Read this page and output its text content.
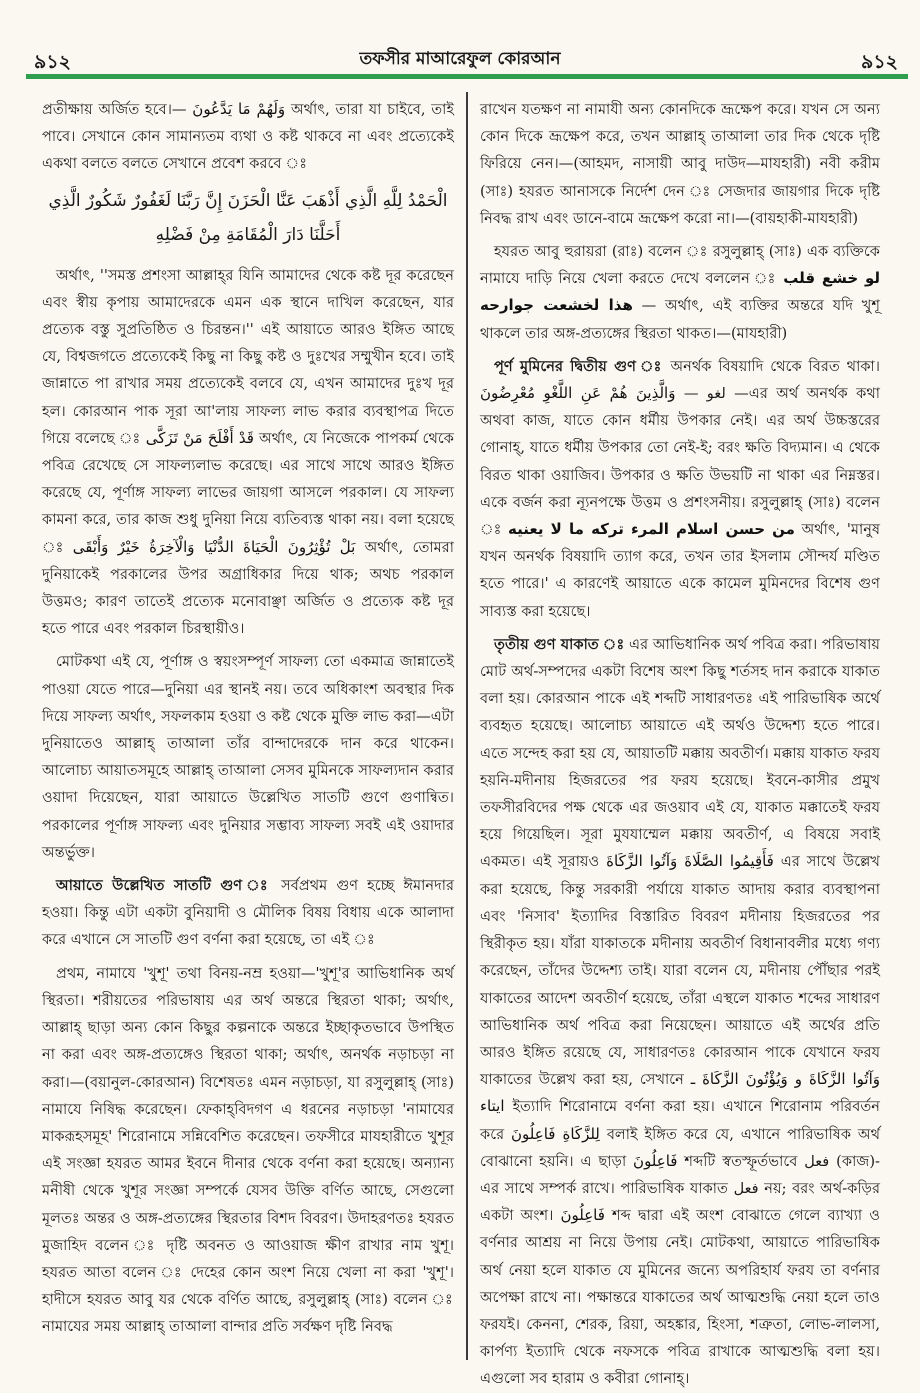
৯১২	তফসীর মাআরেফুল কোরআন	৯১২

প্রতীক্ষায় অর্জিত হবে।— وَلَهُمْ مَا يَدَّعُونَ অর্থাৎ, তারা যা চাইবে, তাই পাবে। সেখানে কোন সামান্যতম ব্যথা ও কষ্ট থাকবে না এবং প্রত্যেকেই একথা বলতে বলতে সেখানে প্রবেশ করবে ঃ

الْحَمْدُ لِلَّهِ الَّذِي أَذْهَبَ عَنَّا الْحَزَنَ إِنَّ رَبَّنَا لَغَفُورٌ شَكُورٌ الَّذِي
أَحَلَّنَا دَارَ الْمُقَامَةِ مِنْ فَضْلِهِ

অর্থাৎ, ''সমস্ত প্রশংসা আল্লাহ্‌র যিনি আমাদের থেকে কষ্ট দূর করেছেন এবং স্বীয় কৃপায় আমাদেরকে এমন এক স্থানে দাখিল করেছেন, যার প্রত্যেক বস্তু সুপ্রতিষ্ঠিত ও চিরন্তন।'' এই আয়াতে আরও ইঙ্গিত আছে যে, বিশ্বজগতে প্রত্যেকেই কিছু না কিছু কষ্ট ও দুঃখের সম্মুখীন হবে। তাই জান্নাতে পা রাখার সময় প্রত্যেকেই বলবে যে, এখন আমাদের দুঃখ দূর হল। কোরআন পাক সূরা আ'লায় সাফল্য লাভ করার ব্যবস্থাপত্র দিতে গিয়ে বলেছে ঃ قَدْ أَفْلَحَ مَنْ تَزَكَّى অর্থাৎ, যে নিজেকে পাপকর্ম থেকে পবিত্র রেখেছে সে সাফল্যলাভ করেছে। এর সাথে সাথে আরও ইঙ্গিত করেছে যে, পূর্ণাঙ্গ সাফল্য লাভের জায়গা আসলে পরকাল। যে সাফল্য কামনা করে, তার কাজ শুধু দুনিয়া নিয়ে ব্যতিব্যস্ত থাকা নয়। বলা হয়েছে ঃ بَلْ تُؤْثِرُونَ الْحَيَاةَ الدُّنْيَا وَالْآخِرَةُ خَيْرٌ وَأَبْقَى অর্থাৎ, তোমরা দুনিয়াকেই পরকালের উপর অগ্রাধিকার দিয়ে থাক; অথচ পরকাল উত্তমও; কারণ তাতেই প্রত্যেক মনোবাঞ্ছা অর্জিত ও প্রত্যেক কষ্ট দূর হতে পারে এবং পরকাল চিরস্থায়ীও।

মোটকথা এই যে, পূর্ণাঙ্গ ও স্বয়ংসম্পূর্ণ সাফল্য তো একমাত্র জান্নাতেই পাওয়া যেতে পারে—দুনিয়া এর স্থানই নয়। তবে অধিকাংশ অবস্থার দিক দিয়ে সাফল্য অর্থাৎ, সফলকাম হওয়া ও কষ্ট থেকে মুক্তি লাভ করা—এটা দুনিয়াতেও আল্লাহ্‌ তাআলা তাঁর বান্দাদেরকে দান করে থাকেন। আলোচ্য আয়াতসমূহে আল্লাহ্‌ তাআলা সেসব মুমিনকে সাফল্যদান করার ওয়াদা দিয়েছেন, যারা আয়াতে উল্লেখিত সাতটি গুণে গুণান্বিত। পরকালের পূর্ণাঙ্গ সাফল্য এবং দুনিয়ার সম্ভাব্য সাফল্য সবই এই ওয়াদার অন্তর্ভুক্ত।

আয়াতে উল্লেখিত সাতটি গুণ ঃ সর্বপ্রথম গুণ হচ্ছে ঈমানদার হওয়া। কিন্তু এটা একটা বুনিয়াদী ও মৌলিক বিষয় বিধায় একে আলাদা করে এখানে সে সাতটি গুণ বর্ণনা করা হয়েছে, তা এই ঃ

প্রথম, নামাযে 'খুশূ' তথা বিনয়-নম্র হওয়া—'খুশূ'র আভিধানিক অর্থ স্থিরতা। শরীয়তের পরিভাষায় এর অর্থ অন্তরে স্থিরতা থাকা; অর্থাৎ, আল্লাহ্‌ ছাড়া অন্য কোন কিছুর কল্পনাকে অন্তরে ইচ্ছাকৃতভাবে উপস্থিত না করা এবং অঙ্গ-প্রত্যঙ্গেও স্থিরতা থাকা; অর্থাৎ, অনর্থক নড়াচড়া না করা।—(বয়ানুল-কোরআন) বিশেষতঃ এমন নড়াচড়া, যা রসুলুল্লাহ্‌ (সাঃ) নামাযে নিষিদ্ধ করেছেন। ফেকাহ্‌বিদগণ এ ধরনের নড়াচড়া 'নামাযের মাকরূহসমূহ' শিরোনামে সন্নিবেশিত করেছেন। তফসীরে মাযহারীতে খুশূর এই সংজ্ঞা হযরত আমর ইবনে দীনার থেকে বর্ণনা করা হয়েছে। অন্যান্য মনীষী থেকে খুশূর সংজ্ঞা সম্পর্কে যেসব উক্তি বর্ণিত আছে, সেগুলো মূলতঃ অন্তর ও অঙ্গ-প্রত্যঙ্গের স্থিরতার বিশদ বিবরণ। উদাহরণতঃ হযরত মুজাহিদ বলেন ঃ দৃষ্টি অবনত ও আওয়াজ ক্ষীণ রাখার নাম খুশূ। হযরত আতা বলেন ঃ দেহের কোন অংশ নিয়ে খেলা না করা 'খুশূ'। হাদীসে হযরত আবু যর থেকে বর্ণিত আছে, রসুলুল্লাহ্‌ (সাঃ) বলেন ঃ নামাযের সময় আল্লাহ্‌ তাআলা বান্দার প্রতি সর্বক্ষণ দৃষ্টি নিবদ্ধ

রাখেন যতক্ষণ না নামাযী অন্য কোনদিকে ভ্রূক্ষেপ করে। যখন সে অন্য কোন দিকে ভ্রূক্ষেপ করে, তখন আল্লাহ্‌ তাআলা তার দিক থেকে দৃষ্টি ফিরিয়ে নেন।—(আহমদ, নাসায়ী আবু দাউদ—মাযহারী) নবী করীম (সাঃ) হযরত আনাসকে নির্দেশ দেন ঃ সেজদার জায়গার দিকে দৃষ্টি নিবদ্ধ রাখ এবং ডানে-বামে ভ্রূক্ষেপ করো না।—(বায়হাকী-মাযহারী)

হযরত আবু হুরায়রা (রাঃ) বলেন ঃ রসুলুল্লাহ্‌ (সাঃ) এক ব্যক্তিকে নামাযে দাড়ি নিয়ে খেলা করতে দেখে বললেন ঃ لو خشع قلب هذا لخشعت جوارحه — অর্থাৎ, এই ব্যক্তির অন্তরে যদি খুশূ থাকলে তার অঙ্গ-প্রত্যঙ্গের স্থিরতা থাকত।—(মাযহারী)

পূর্ণ মুমিনের দ্বিতীয় গুণ ঃ অনর্থক বিষয়াদি থেকে বিরত থাকা। وَالَّذِينَ هُمْ عَنِ اللَّغْوِ مُعْرِضُونَ — لغو —এর অর্থ অনর্থক কথা অথবা কাজ, যাতে কোন ধর্মীয় উপকার নেই। এর অর্থ উচ্চস্তরের গোনাহ্‌, যাতে ধর্মীয় উপকার তো নেই-ই; বরং ক্ষতি বিদ্যমান। এ থেকে বিরত থাকা ওয়াজিব। উপকার ও ক্ষতি উভয়টি না থাকা এর নিম্নস্তর। একে বর্জন করা ন্যূনপক্ষে উত্তম ও প্রশংসনীয়। রসুলুল্লাহ্‌ (সাঃ) বলেন ঃ من حسن اسلام المرء تركه ما لا يعنيه অর্থাৎ, 'মানুষ যখন অনর্থক বিষয়াদি ত্যাগ করে, তখন তার ইসলাম সৌন্দর্য মণ্ডিত হতে পারে।' এ কারণেই আয়াতে একে কামেল মুমিনদের বিশেষ গুণ সাব্যস্ত করা হয়েছে।

তৃতীয় গুণ যাকাত ঃ এর আভিধানিক অর্থ পবিত্র করা। পরিভাষায় মোট অর্থ-সম্পদের একটা বিশেষ অংশ কিছু শর্তসহ দান করাকে যাকাত বলা হয়। কোরআন পাকে এই শব্দটি সাধারণতঃ এই পারিভাষিক অর্থে ব্যবহৃত হয়েছে। আলোচ্য আয়াতে এই অর্থও উদ্দেশ্য হতে পারে। এতে সন্দেহ করা হয় যে, আয়াতটি মক্কায় অবতীর্ণ। মক্কায় যাকাত ফরয হয়নি-মদীনায় হিজরতের পর ফরয হয়েছে। ইবনে-কাসীর প্রমুখ তফসীরবিদের পক্ষ থেকে এর জওয়াব এই যে, যাকাত মক্কাতেই ফরয হয়ে গিয়েছিল। সূরা মুযযাম্মেল মক্কায় অবতীর্ণ, এ বিষয়ে সবাই একমত। এই সূরায়ও فَأَقِيمُوا الصَّلَاةَ وَآتُوا الزَّكَاةَ এর সাথে উল্লেখ করা হয়েছে, কিন্তু সরকারী পর্যায়ে যাকাত আদায় করার ব্যবস্থাপনা এবং 'নিসাব' ইত্যাদির বিস্তারিত বিবরণ মদীনায় হিজরতের পর স্থিরীকৃত হয়। যাঁরা যাকাতকে মদীনায় অবতীর্ণ বিধানাবলীর মধ্যে গণ্য করেছেন, তাঁদের উদ্দেশ্য তাই। যারা বলেন যে, মদীনায় পৌঁছার পরই যাকাতের আদেশ অবতীর্ণ হয়েছে, তাঁরা এস্থলে যাকাত শব্দের সাধারণ আভিধানিক অর্থ পবিত্র করা নিয়েছেন। আয়াতে এই অর্থের প্রতি আরও ইঙ্গিত রয়েছে যে, সাধারণতঃ কোরআন পাকে যেখানে ফরয যাকাতের উল্লেখ করা হয়, সেখানে وَآتُوا الزَّكَاةَ و وَيُؤْتُونَ الزَّكَاةَ ـ ايتاء ইত্যাদি শিরোনামে বর্ণনা করা হয়। এখানে শিরোনাম পরিবর্তন করে لِلزَّكَاةِ فَاعِلُونَ বলাই ইঙ্গিত করে যে, এখানে পারিভাষিক অর্থ বোঝানো হয়নি। এ ছাড়া فَاعِلُونَ শব্দটি স্বতস্ফূর্তভাবে فعل (কাজ)-এর সাথে সম্পর্ক রাখে। পারিভাষিক যাকাত فعل নয়; বরং অর্থ-কড়ির একটা অংশ। فَاعِلُونَ শব্দ দ্বারা এই অংশ বোঝাতে গেলে ব্যাখ্যা ও বর্ণনার আশ্রয় না নিয়ে উপায় নেই। মোটকথা, আয়াতে পারিভাষিক অর্থ নেয়া হলে যাকাত যে মুমিনের জন্যে অপরিহার্য ফরয তা বর্ণনার অপেক্ষা রাখে না। পক্ষান্তরে যাকাতের অর্থ আত্মশুদ্ধি নেয়া হলে তাও ফরযই। কেননা, শেরক, রিয়া, অহঙ্কার, হিংসা, শত্রুতা, লোভ-লালসা, কার্পণ্য ইত্যাদি থেকে নফসকে পবিত্র রাখাকে আত্মশুদ্ধি বলা হয়। এগুলো সব হারাম ও কবীরা গোনাহ্‌।
